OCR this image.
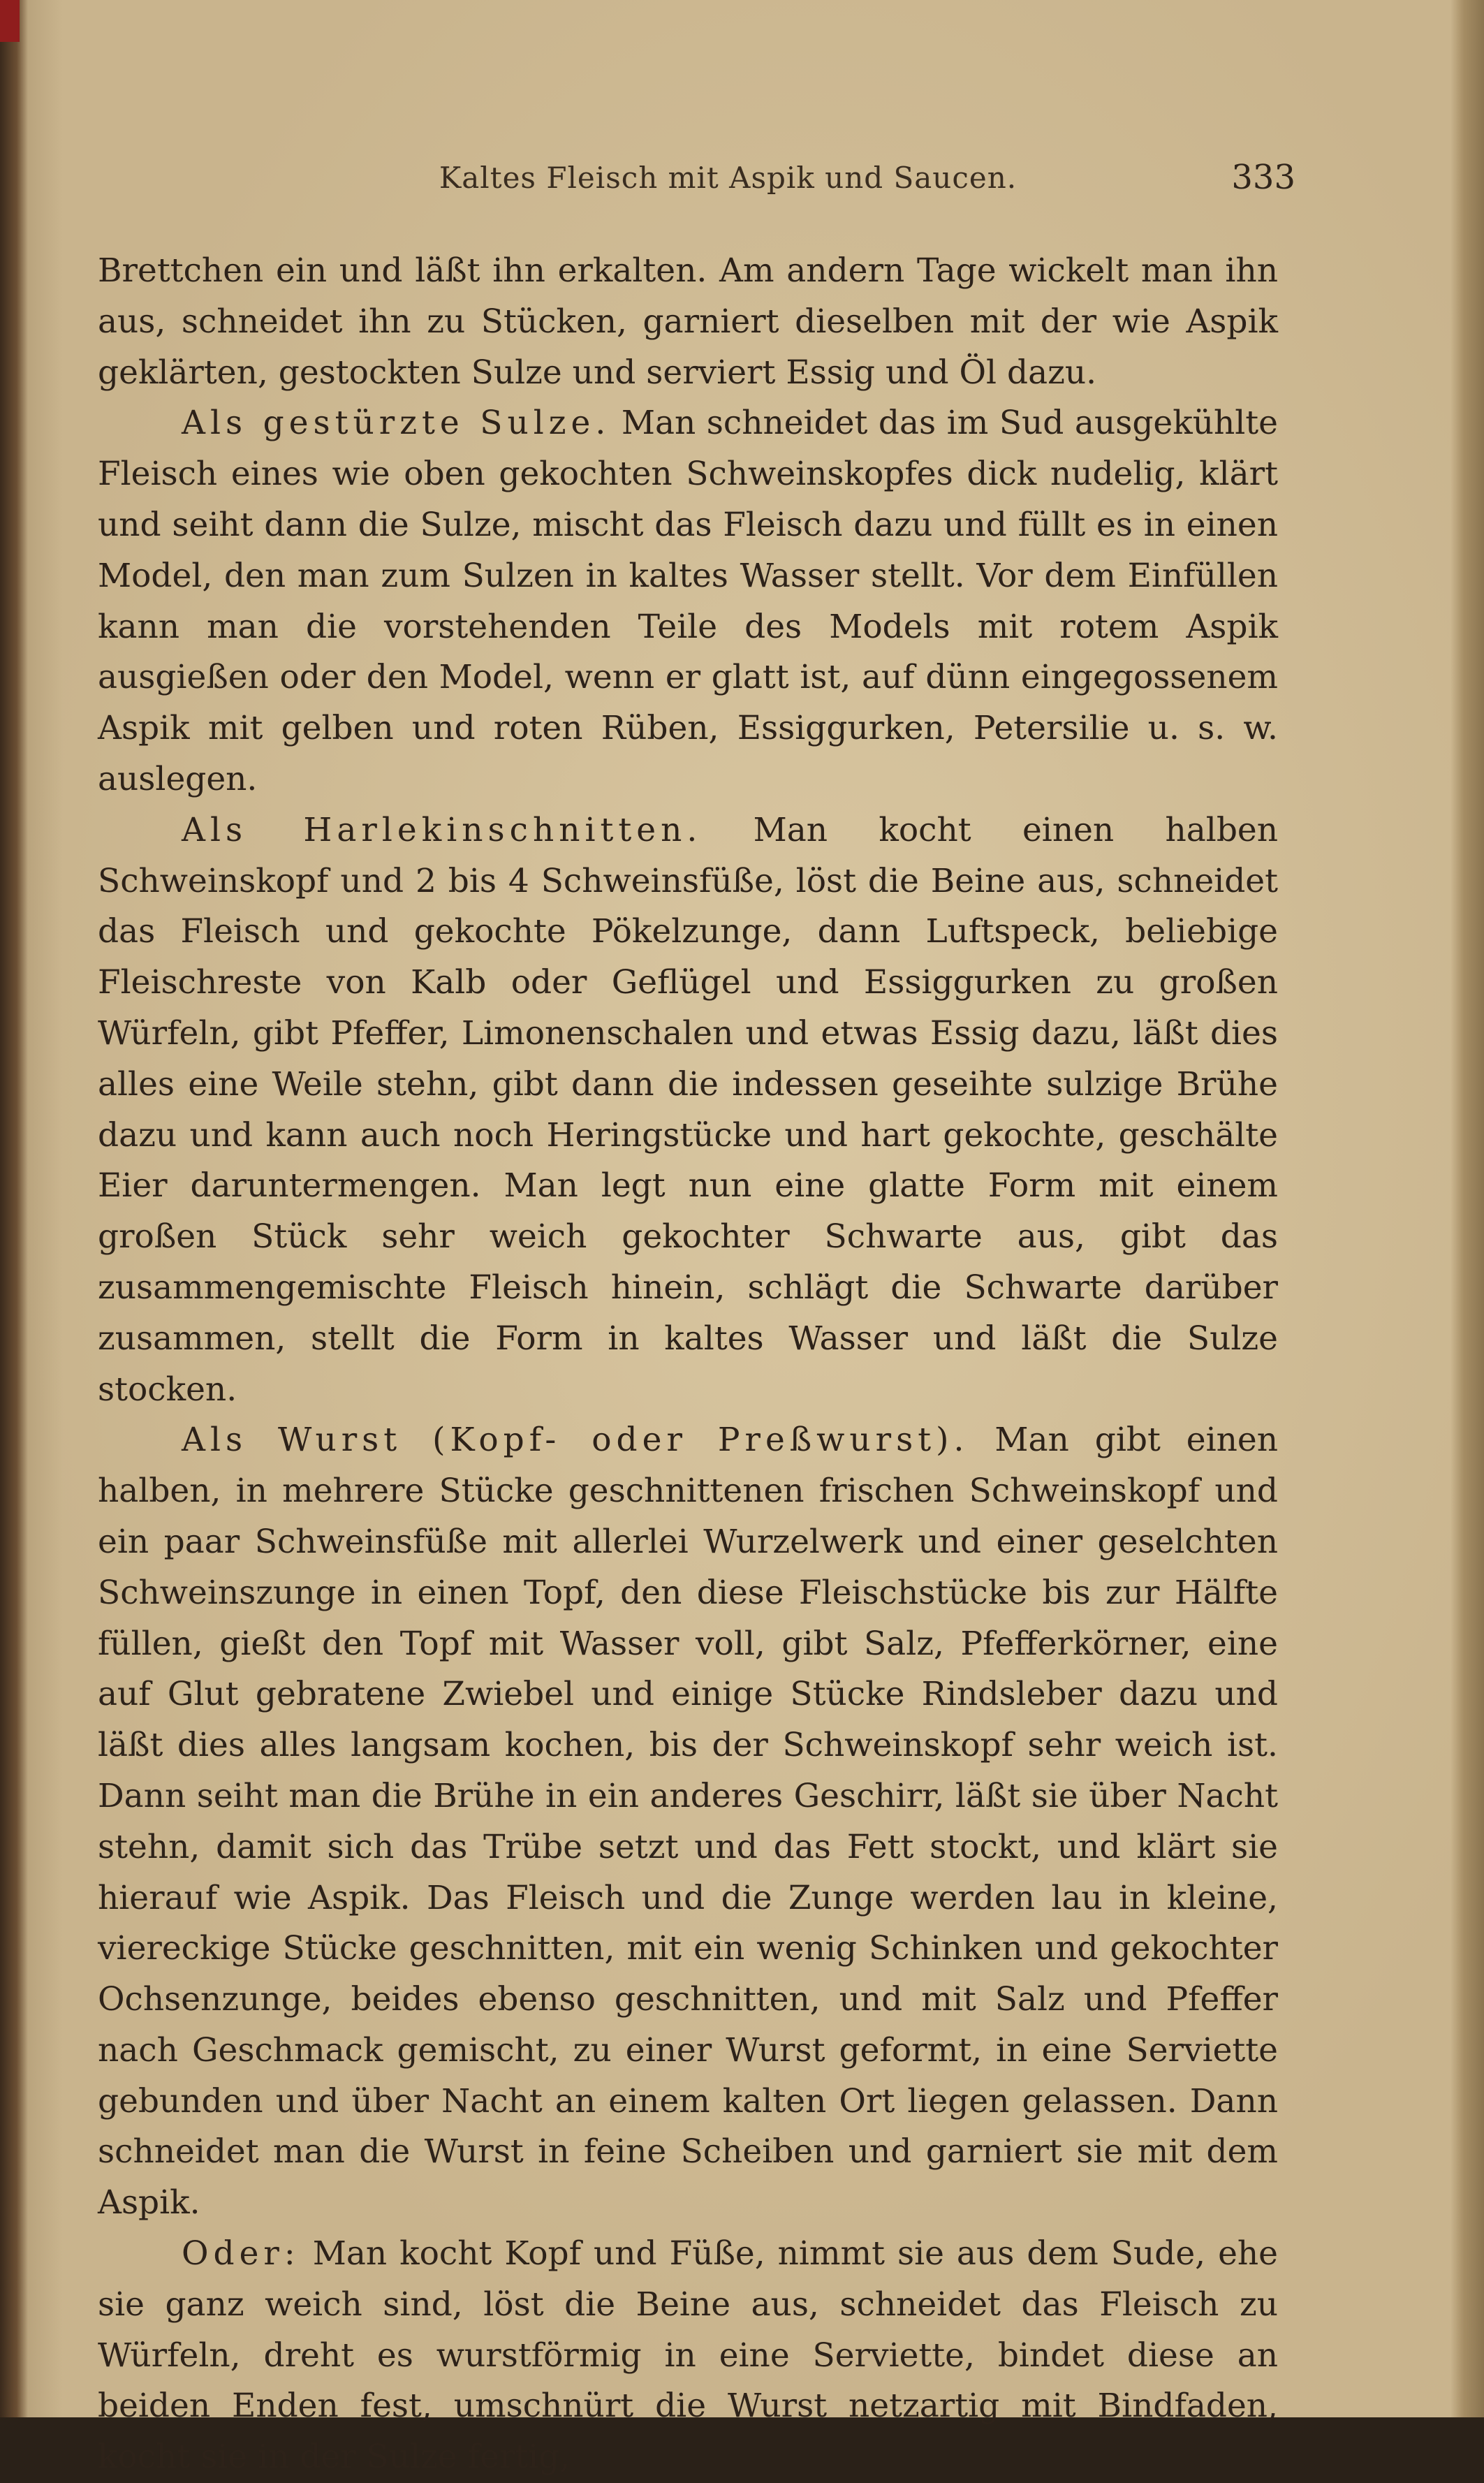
Kaltes Fleisch mit Aspik und Saucen.	333

Brettchen ein und läßt ihn erkalten. Am andern Tage wickelt man ihn aus, schneidet ihn zu Stücken, garniert dieselben mit der wie Aspik geklärten, gestockten Sulze und serviert Essig und Öl dazu.

Als gestürzte Sulze. Man schneidet das im Sud ausgekühlte Fleisch eines wie oben gekochten Schweinskopfes dick nudelig, klärt und seiht dann die Sulze, mischt das Fleisch dazu und füllt es in einen Model, den man zum Sulzen in kaltes Wasser stellt. Vor dem Einfüllen kann man die vorstehenden Teile des Models mit rotem Aspik ausgießen oder den Model, wenn er glatt ist, auf dünn eingegossenem Aspik mit gelben und roten Rüben, Essiggurken, Petersilie u. s. w. auslegen.

Als Harlekinschnitten. Man kocht einen halben Schweinskopf und 2 bis 4 Schweinsfüße, löst die Beine aus, schneidet das Fleisch und gekochte Pökelzunge, dann Luftspeck, beliebige Fleischreste von Kalb oder Geflügel und Essiggurken zu großen Würfeln, gibt Pfeffer, Limonenschalen und etwas Essig dazu, läßt dies alles eine Weile stehn, gibt dann die indessen geseihte sulzige Brühe dazu und kann auch noch Heringstücke und hart gekochte, geschälte Eier daruntermengen. Man legt nun eine glatte Form mit einem großen Stück sehr weich gekochter Schwarte aus, gibt das zusammengemischte Fleisch hinein, schlägt die Schwarte darüber zusammen, stellt die Form in kaltes Wasser und läßt die Sulze stocken.

Als Wurst (Kopf- oder Preßwurst). Man gibt einen halben, in mehrere Stücke geschnittenen frischen Schweinskopf und ein paar Schweinsfüße mit allerlei Wurzelwerk und einer geselchten Schweinszunge in einen Topf, den diese Fleischstücke bis zur Hälfte füllen, gießt den Topf mit Wasser voll, gibt Salz, Pfefferkörner, eine auf Glut gebratene Zwiebel und einige Stücke Rindsleber dazu und läßt dies alles langsam kochen, bis der Schweinskopf sehr weich ist. Dann seiht man die Brühe in ein anderes Geschirr, läßt sie über Nacht stehn, damit sich das Trübe setzt und das Fett stockt, und klärt sie hierauf wie Aspik. Das Fleisch und die Zunge werden lau in kleine, viereckige Stücke geschnitten, mit ein wenig Schinken und gekochter Ochsenzunge, beides ebenso geschnitten, und mit Salz und Pfeffer nach Geschmack gemischt, zu einer Wurst geformt, in eine Serviette gebunden und über Nacht an einem kalten Ort liegen gelassen. Dann schneidet man die Wurst in feine Scheiben und garniert sie mit dem Aspik.

Oder: Man kocht Kopf und Füße, nimmt sie aus dem Sude, ehe sie ganz weich sind, löst die Beine aus, schneidet das Fleisch zu Würfeln, dreht es wurstförmig in eine Serviette, bindet diese an beiden Enden fest, umschnürt die Wurst netzartig mit Bindfaden, kocht sie in der Sulze fertig,
